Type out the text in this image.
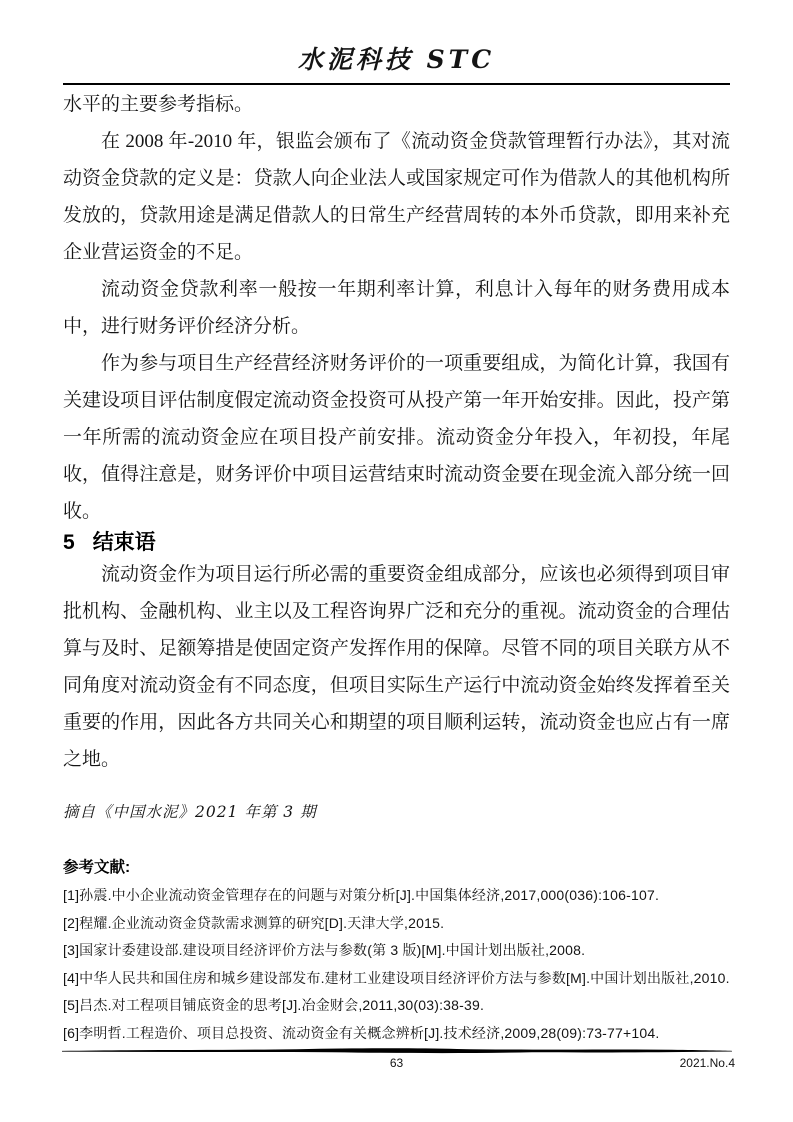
水泥科技 STC

水平的主要参考指标。

在 2008 年-2010 年，银监会颁布了《流动资金贷款管理暂行办法》，其对流动资金贷款的定义是：贷款人向企业法人或国家规定可作为借款人的其他机构所发放的，贷款用途是满足借款人的日常生产经营周转的本外币贷款，即用来补充企业营运资金的不足。

流动资金贷款利率一般按一年期利率计算，利息计入每年的财务费用成本中，进行财务评价经济分析。

作为参与项目生产经营经济财务评价的一项重要组成，为简化计算，我国有关建设项目评估制度假定流动资金投资可从投产第一年开始安排。因此，投产第一年所需的流动资金应在项目投产前安排。流动资金分年投入，年初投，年尾收，值得注意是，财务评价中项目运营结束时流动资金要在现金流入部分统一回收。

5 结束语

流动资金作为项目运行所必需的重要资金组成部分，应该也必须得到项目审批机构、金融机构、业主以及工程咨询界广泛和充分的重视。流动资金的合理估算与及时、足额筹措是使固定资产发挥作用的保障。尽管不同的项目关联方从不同角度对流动资金有不同态度，但项目实际生产运行中流动资金始终发挥着至关重要的作用，因此各方共同关心和期望的项目顺利运转，流动资金也应占有一席之地。

摘自《中国水泥》2021 年第 3 期

参考文献:

[1]孙震.中小企业流动资金管理存在的问题与对策分析[J].中国集体经济,2017,000(036):106-107.
[2]程耀.企业流动资金贷款需求测算的研究[D].天津大学,2015.
[3]国家计委建设部.建设项目经济评价方法与参数(第 3 版)[M].中国计划出版社,2008.
[4]中华人民共和国住房和城乡建设部发布.建材工业建设项目经济评价方法与参数[M].中国计划出版社,2010.
[5]吕杰.对工程项目铺底资金的思考[J].冶金财会,2011,30(03):38-39.
[6]李明哲.工程造价、项目总投资、流动资金有关概念辨析[J].技术经济,2009,28(09):73-77+104.
63	2021.No.4
